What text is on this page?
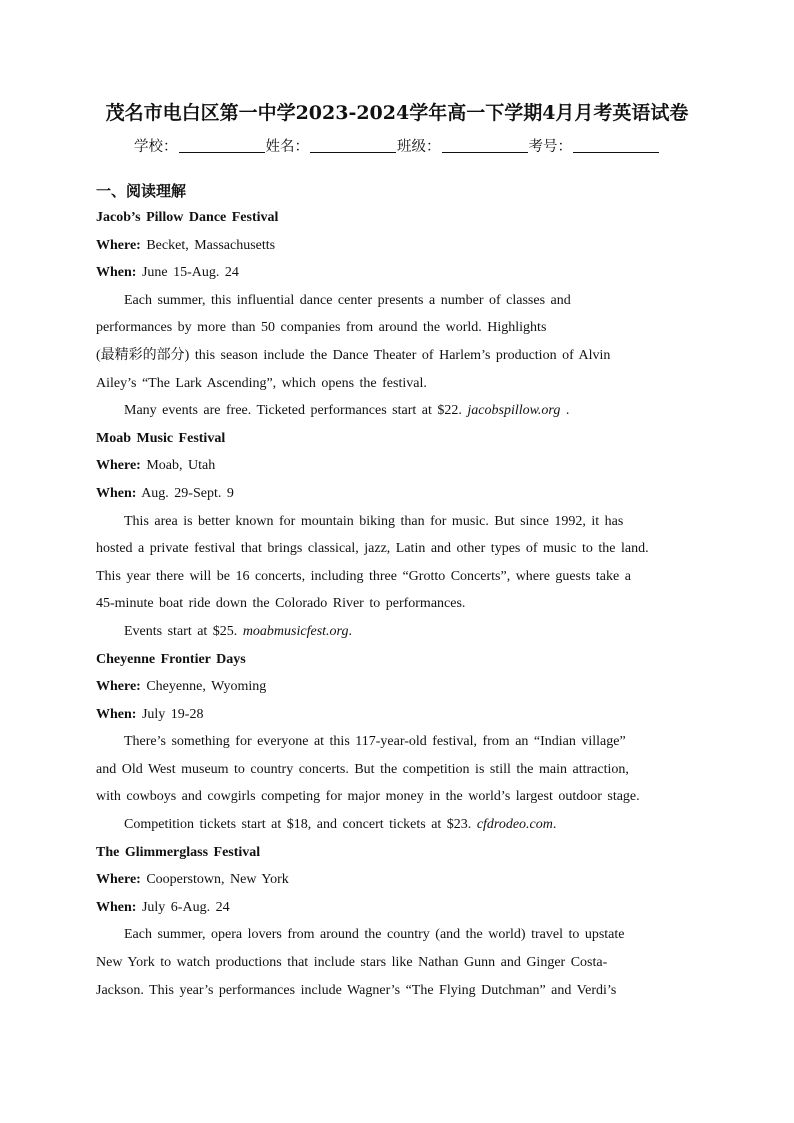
茂名市电白区第一中学2023-2024学年高一下学期4月月考英语试卷
学校：	姓名：	班级：	考号：
一、阅读理解
Jacob’s Pillow Dance Festival
Where: Becket, Massachusetts
When: June 15-Aug. 24
Each summer, this influential dance center presents a number of classes and
performances by more than 50 companies from around the world. Highlights
(最精彩的部分) this season include the Dance Theater of Harlem’s production of Alvin
Ailey’s “The Lark Ascending”, which opens the festival.
Many events are free. Ticketed performances start at $22. jacobspillow.org .
Moab Music Festival
Where: Moab, Utah
When: Aug. 29-Sept. 9
This area is better known for mountain biking than for music. But since 1992, it has
hosted a private festival that brings classical, jazz, Latin and other types of music to the land.
This year there will be 16 concerts, including three “Grotto Concerts”, where guests take a
45-minute boat ride down the Colorado River to performances.
Events start at $25. moabmusicfest.org.
Cheyenne Frontier Days
Where: Cheyenne, Wyoming
When: July 19-28
There’s something for everyone at this 117-year-old festival, from an “Indian village”
and Old West museum to country concerts. But the competition is still the main attraction,
with cowboys and cowgirls competing for major money in the world’s largest outdoor stage.
Competition tickets start at $18, and concert tickets at $23. cfdrodeo.com.
The Glimmerglass Festival
Where: Cooperstown, New York
When: July 6-Aug. 24
Each summer, opera lovers from around the country (and the world) travel to upstate
New York to watch productions that include stars like Nathan Gunn and Ginger Costa-
Jackson. This year’s performances include Wagner’s “The Flying Dutchman” and Verdi’s
